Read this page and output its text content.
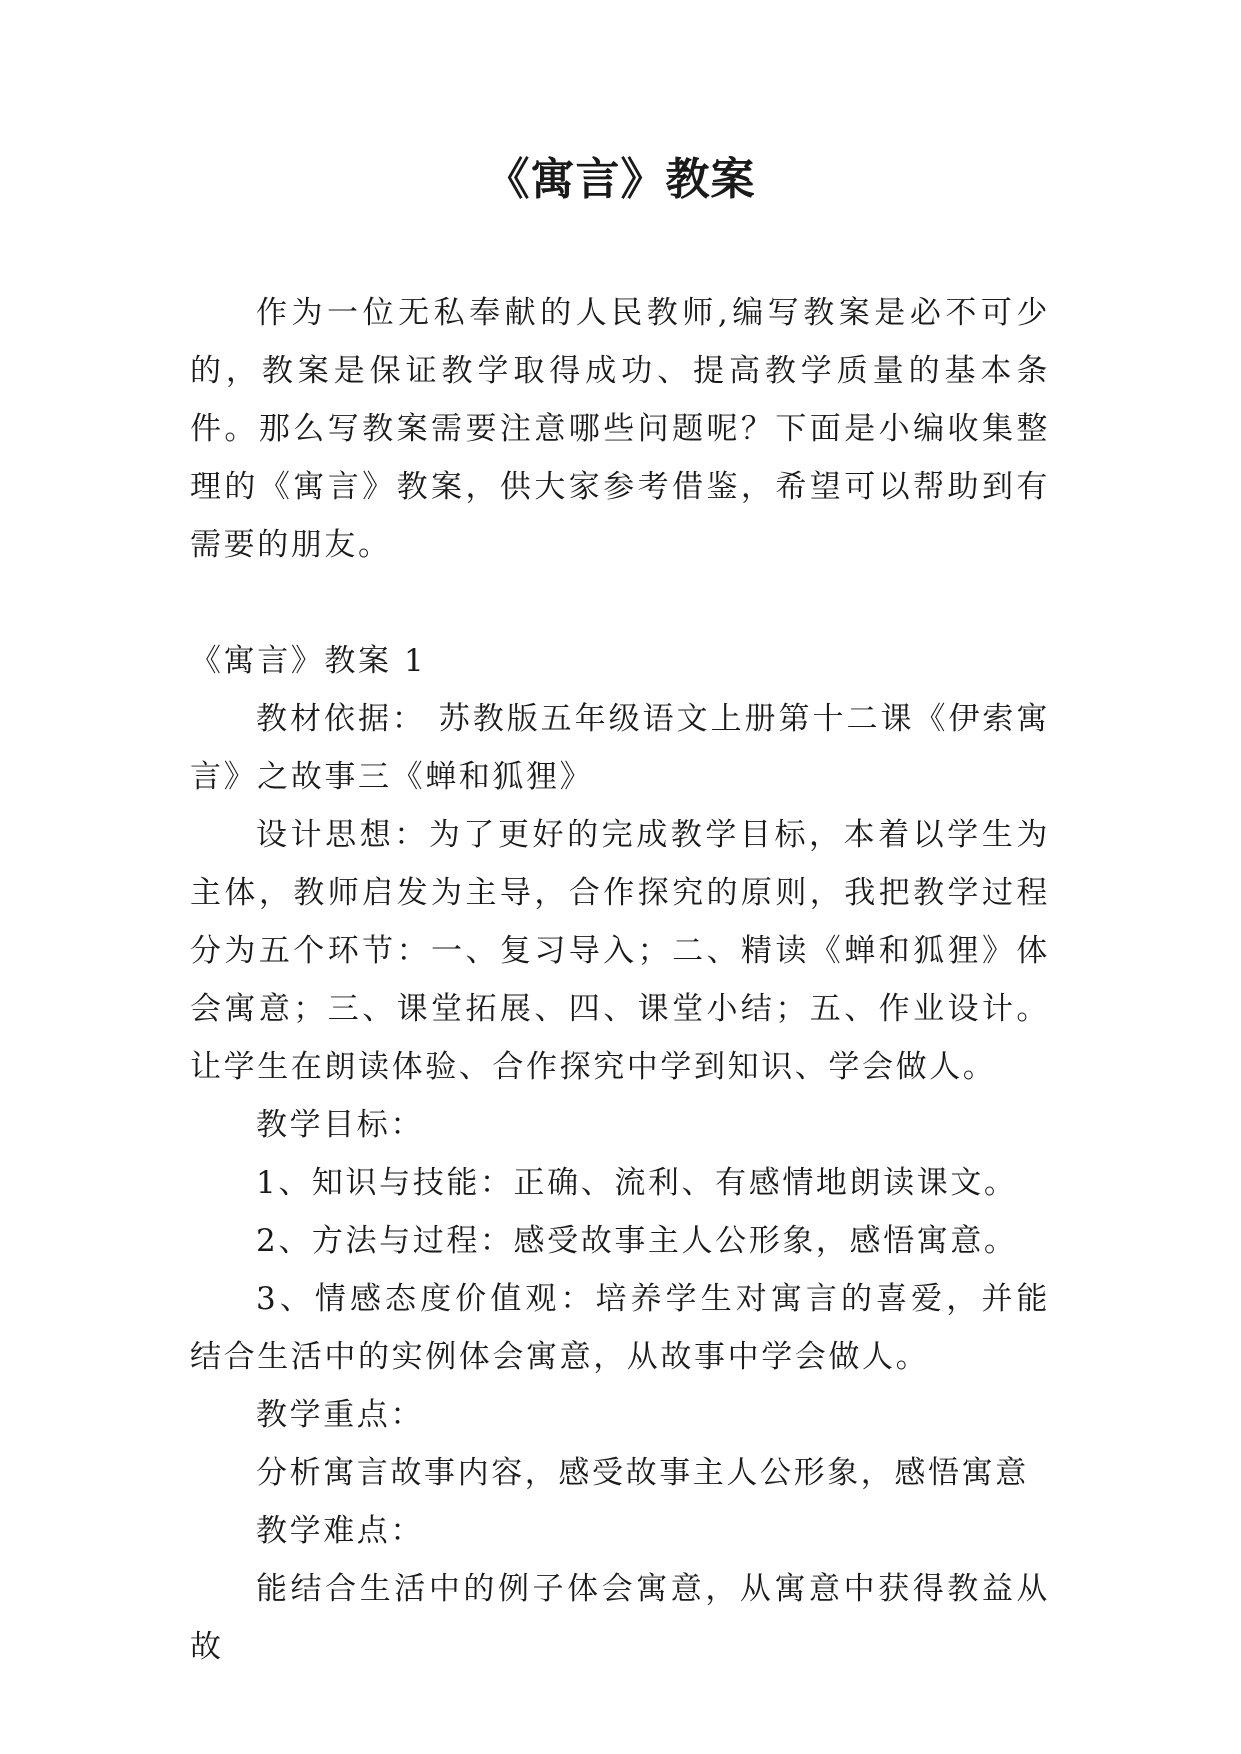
《寓言》教案

作为一位无私奉献的人民教师,编写教案是必不可少的，教案是保证教学取得成功、提高教学质量的基本条件。那么写教案需要注意哪些问题呢？下面是小编收集整理的《寓言》教案，供大家参考借鉴，希望可以帮助到有需要的朋友。

《寓言》教案 1

教材依据： 苏教版五年级语文上册第十二课《伊索寓言》之故事三《蝉和狐狸》

设计思想：为了更好的完成教学目标，本着以学生为主体，教师启发为主导，合作探究的原则，我把教学过程分为五个环节：一、复习导入；二、精读《蝉和狐狸》体会寓意；三、课堂拓展、四、课堂小结；五、作业设计。让学生在朗读体验、合作探究中学到知识、学会做人。

教学目标：

1、知识与技能：正确、流利、有感情地朗读课文。

2、方法与过程：感受故事主人公形象，感悟寓意。

3、情感态度价值观：培养学生对寓言的喜爱，并能结合生活中的实例体会寓意，从故事中学会做人。

教学重点：

分析寓言故事内容，感受故事主人公形象，感悟寓意

教学难点：

能结合生活中的例子体会寓意，从寓意中获得教益从故
